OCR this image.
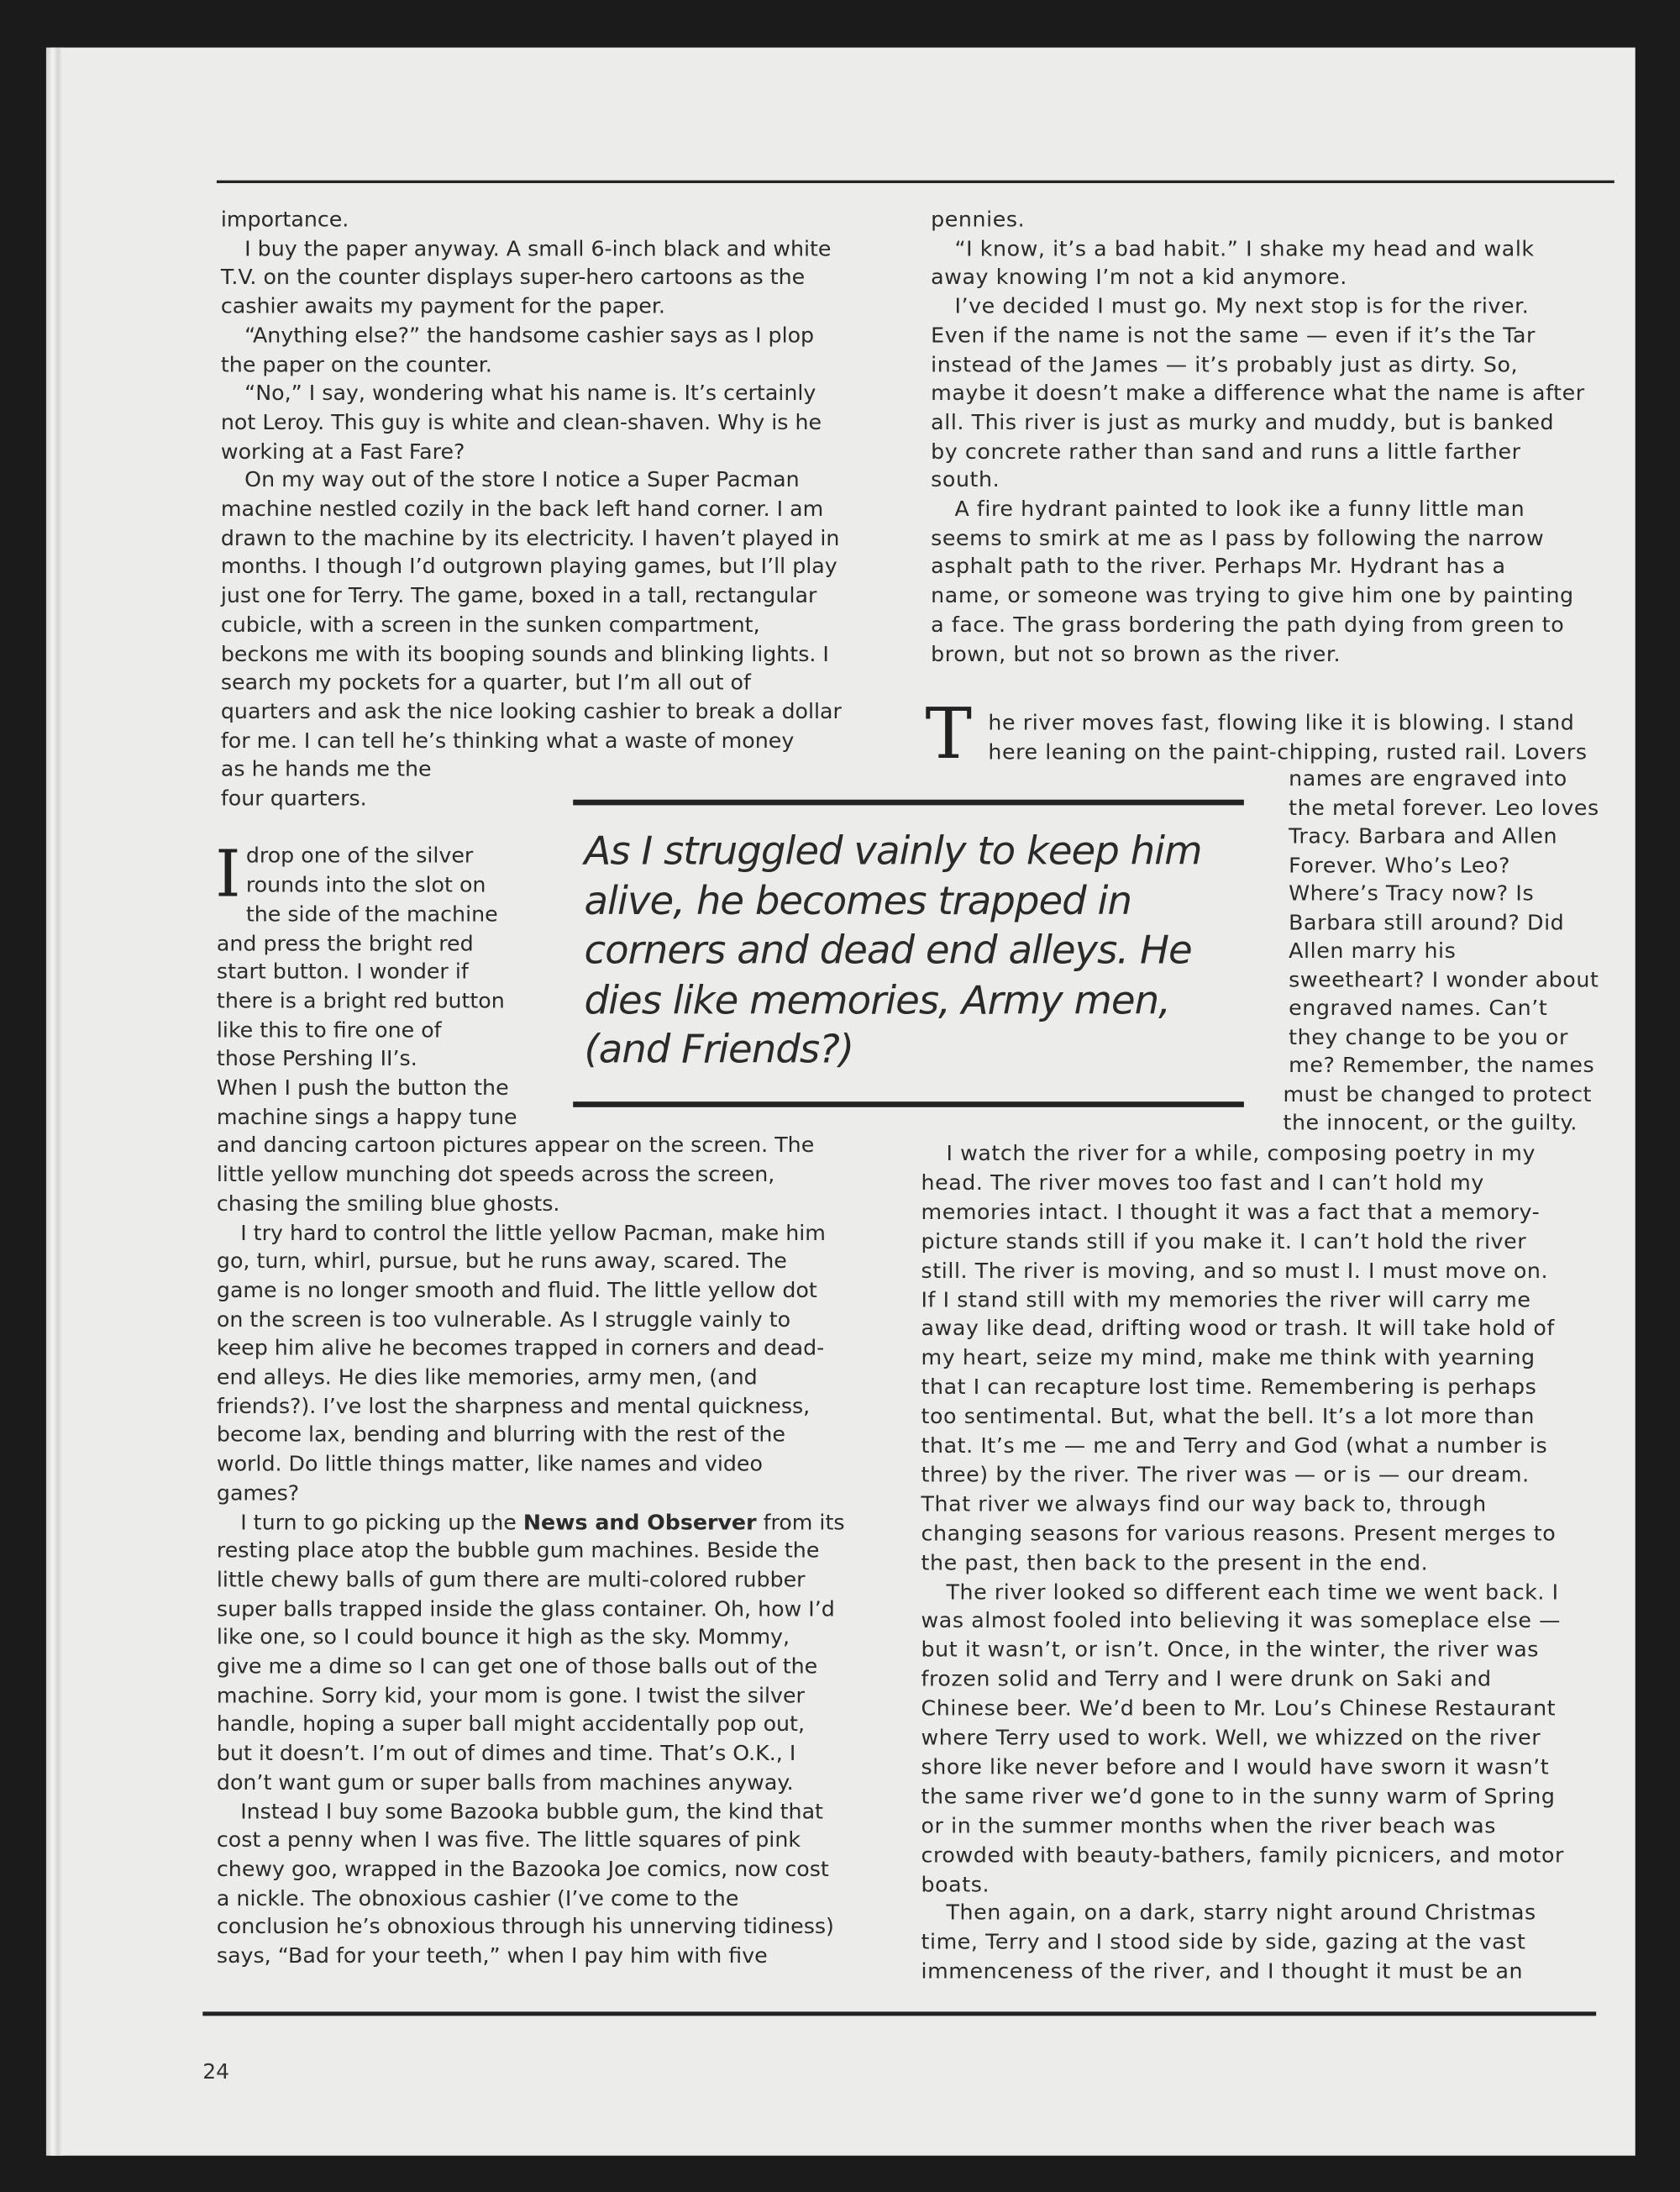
importance.
I buy the paper anyway. A small 6-inch black and white
T.V. on the counter displays super-hero cartoons as the
cashier awaits my payment for the paper.
“Anything else?” the handsome cashier says as I plop
the paper on the counter.
“No,” I say, wondering what his name is. It’s certainly
not Leroy. This guy is white and clean-shaven. Why is he
working at a Fast Fare?
On my way out of the store I notice a Super Pacman
machine nestled cozily in the back left hand corner. I am
drawn to the machine by its electricity. I haven’t played in
months. I though I’d outgrown playing games, but I’ll play
just one for Terry. The game, boxed in a tall, rectangular
cubicle, with a screen in the sunken compartment,
beckons me with its booping sounds and blinking lights. I
search my pockets for a quarter, but I’m all out of
quarters and ask the nice looking cashier to break a dollar
for me. I can tell he’s thinking what a waste of money
as he hands me the
four quarters.
drop one of the silver
rounds into the slot on
the side of the machine
and press the bright red
start button. I wonder if
there is a bright red button
like this to fire one of
those Pershing II’s.
When I push the button the
machine sings a happy tune
and dancing cartoon pictures appear on the screen. The
little yellow munching dot speeds across the screen,
chasing the smiling blue ghosts.
I try hard to control the little yellow Pacman, make him
go, turn, whirl, pursue, but he runs away, scared. The
game is no longer smooth and fluid. The little yellow dot
on the screen is too vulnerable. As I struggle vainly to
keep him alive he becomes trapped in corners and dead-
end alleys. He dies like memories, army men, (and
friends?). I’ve lost the sharpness and mental quickness,
become lax, bending and blurring with the rest of the
world. Do little things matter, like names and video
games?
I turn to go picking up the News and Observer from its
resting place atop the bubble gum machines. Beside the
little chewy balls of gum there are multi-colored rubber
super balls trapped inside the glass container. Oh, how I’d
like one, so I could bounce it high as the sky. Mommy,
give me a dime so I can get one of those balls out of the
machine. Sorry kid, your mom is gone. I twist the silver
handle, hoping a super ball might accidentally pop out,
but it doesn’t. I’m out of dimes and time. That’s O.K., I
don’t want gum or super balls from machines anyway.
Instead I buy some Bazooka bubble gum, the kind that
cost a penny when I was five. The little squares of pink
chewy goo, wrapped in the Bazooka Joe comics, now cost
a nickle. The obnoxious cashier (I’ve come to the
conclusion he’s obnoxious through his unnerving tidiness)
says, “Bad for your teeth,” when I pay him with five
pennies.
“I know, it’s a bad habit.” I shake my head and walk
away knowing I’m not a kid anymore.
I’ve decided I must go. My next stop is for the river.
Even if the name is not the same — even if it’s the Tar
instead of the James — it’s probably just as dirty. So,
maybe it doesn’t make a difference what the name is after
all. This river is just as murky and muddy, but is banked
by concrete rather than sand and runs a little farther
south.
A fire hydrant painted to look ike a funny little man
seems to smirk at me as I pass by following the narrow
asphalt path to the river. Perhaps Mr. Hydrant has a
name, or someone was trying to give him one by painting
a face. The grass bordering the path dying from green to
brown, but not so brown as the river.
he river moves fast, flowing like it is blowing. I stand
here leaning on the paint-chipping, rusted rail. Lovers
names are engraved into
the metal forever. Leo loves
Tracy. Barbara and Allen
Forever. Who’s Leo?
Where’s Tracy now? Is
Barbara still around? Did
Allen marry his
sweetheart? I wonder about
engraved names. Can’t
they change to be you or
me? Remember, the names
must be changed to protect
the innocent, or the guilty.
I watch the river for a while, composing poetry in my
head. The river moves too fast and I can’t hold my
memories intact. I thought it was a fact that a memory-
picture stands still if you make it. I can’t hold the river
still. The river is moving, and so must I. I must move on.
If I stand still with my memories the river will carry me
away like dead, drifting wood or trash. It will take hold of
my heart, seize my mind, make me think with yearning
that I can recapture lost time. Remembering is perhaps
too sentimental. But, what the bell. It’s a lot more than
that. It’s me — me and Terry and God (what a number is
three) by the river. The river was — or is — our dream.
That river we always find our way back to, through
changing seasons for various reasons. Present merges to
the past, then back to the present in the end.
The river looked so different each time we went back. I
was almost fooled into believing it was someplace else —
but it wasn’t, or isn’t. Once, in the winter, the river was
frozen solid and Terry and I were drunk on Saki and
Chinese beer. We’d been to Mr. Lou’s Chinese Restaurant
where Terry used to work. Well, we whizzed on the river
shore like never before and I would have sworn it wasn’t
the same river we’d gone to in the sunny warm of Spring
or in the summer months when the river beach was
crowded with beauty-bathers, family picnicers, and motor
boats.
Then again, on a dark, starry night around Christmas
time, Terry and I stood side by side, gazing at the vast
immenceness of the river, and I thought it must be an
As I struggled vainly to keep him
alive, he becomes trapped in
corners and dead end alleys. He
dies like memories, Army men,
(and Friends?)
I
T
24
